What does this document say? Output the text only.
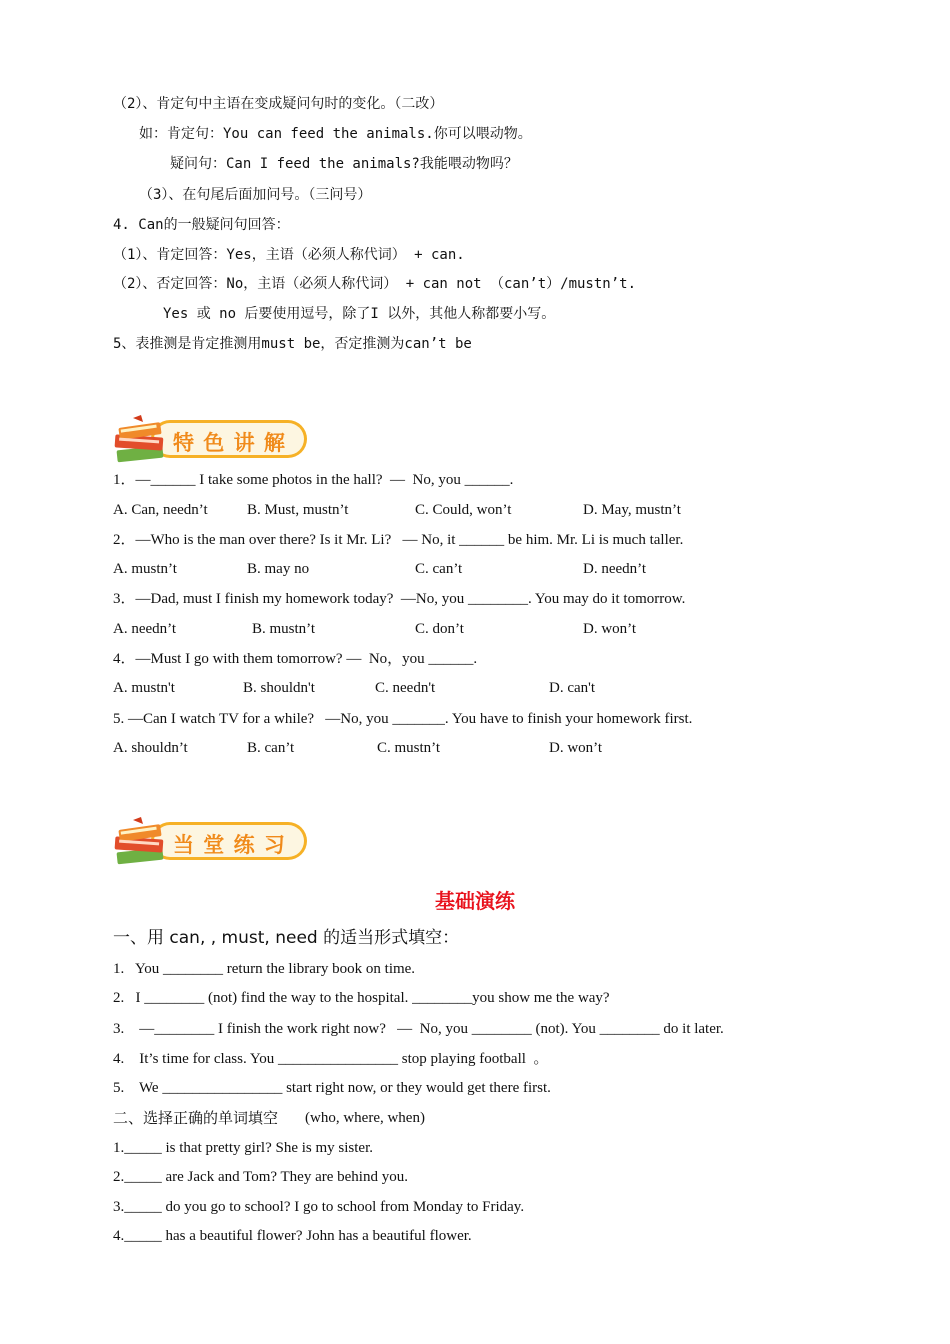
（2）、肯定句中主语在变成疑问句时的变化。（二改）
如：肯定句：You can feed the animals.你可以喂动物。
疑问句：Can I feed the animals?我能喂动物吗？
（3）、在句尾后面加问号。（三问号）
4. Can的一般疑问句回答：
（1）、肯定回答：Yes，主语（必须人称代词） + can.
（2）、否定回答：No，主语（必须人称代词） + can not （can’t）/mustn’t.
Yes 或 no 后要使用逗号，除了I 以外，其他人称都要小写。
5、表推测是肯定推测用must be，否定推测为can’t be
特 色 讲 解
1．—______ I take some photos in the hall?  —  No, you ______.
A. Can, needn’t	B. Must, mustn’t	C. Could, won’t	D. May, mustn’t
2．—Who is the man over there? Is it Mr. Li?   — No, it ______ be him. Mr. Li is much taller.
A. mustn’t	B. may no	C. can’t	D. needn’t
3．—Dad, must I finish my homework today?  —No, you ________. You may do it tomorrow.
A. needn’t	B. mustn’t	C. don’t	D. won’t
4．—Must I go with them tomorrow? —  No，you ______.
A. mustn't	B. shouldn't	C. needn't	D. can't
5. —Can I watch TV for a while?   —No, you _______. You have to finish your homework first.
A. shouldn’t	B. can’t	C. mustn’t	D. won’t
当 堂 练 习
基础演练
一、用 can, , must, need 的适当形式填空：
1.   You ________ return the library book on time.
2.   I ________ (not) find the way to the hospital. ________you show me the way?
3.    —________ I finish the work right now?   —  No, you ________ (not). You ________ do it later.
4.    It’s time for class. You ________________ stop playing football  。
5.    We ________________ start right now, or they would get there first.
二、选择正确的单词填空 (who, where, when)
1._____ is that pretty girl? She is my sister.
2._____ are Jack and Tom? They are behind you.
3._____ do you go to school? I go to school from Monday to Friday.
4._____ has a beautiful flower? John has a beautiful flower.
